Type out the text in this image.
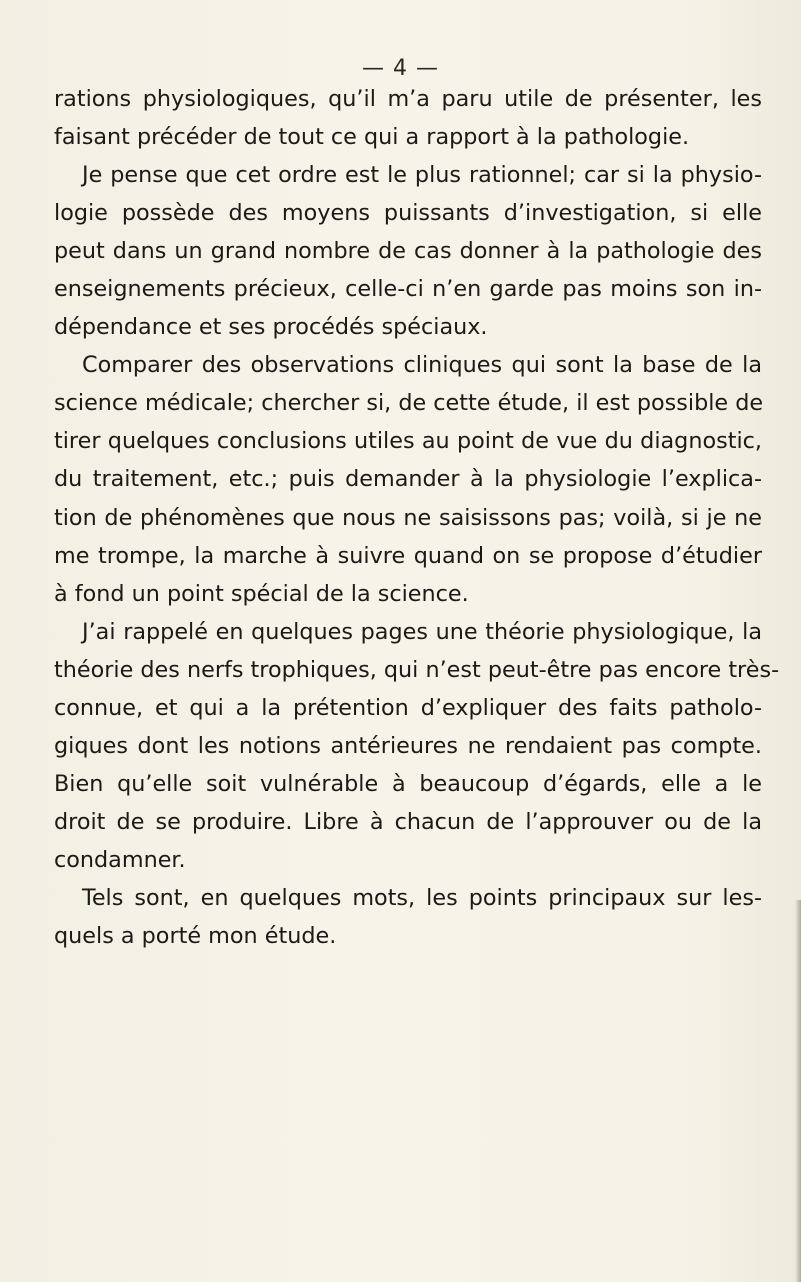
— 4 —
rations physiologiques, qu’il m’a paru utile de présenter, les
faisant précéder de tout ce qui a rapport à la pathologie.
Je pense que cet ordre est le plus rationnel; car si la physio-
logie possède des moyens puissants d’investigation, si elle
peut dans un grand nombre de cas donner à la pathologie des
enseignements précieux, celle-ci n’en garde pas moins son in-
dépendance et ses procédés spéciaux.
Comparer des observations cliniques qui sont la base de la
science médicale; chercher si, de cette étude, il est possible de
tirer quelques conclusions utiles au point de vue du diagnostic,
du traitement, etc.; puis demander à la physiologie l’explica-
tion de phénomènes que nous ne saisissons pas; voilà, si je ne
me trompe, la marche à suivre quand on se propose d’étudier
à fond un point spécial de la science.
J’ai rappelé en quelques pages une théorie physiologique, la
théorie des nerfs trophiques, qui n’est peut-être pas encore très-
connue, et qui a la prétention d’expliquer des faits patholo-
giques dont les notions antérieures ne rendaient pas compte.
Bien qu’elle soit vulnérable à beaucoup d’égards, elle a le
droit de se produire. Libre à chacun de l’approuver ou de la
condamner.
Tels sont, en quelques mots, les points principaux sur les-
quels a porté mon étude.
